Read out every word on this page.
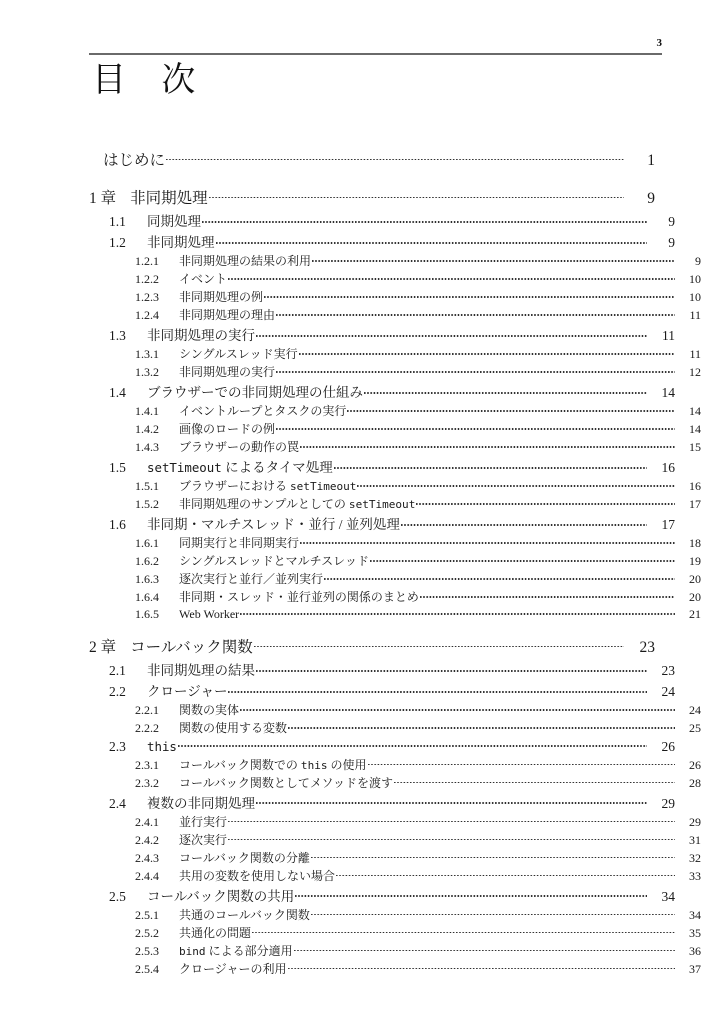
3
目　次
はじめに	1
1 章 非同期処理	9
1.1	同期処理	9
1.2	非同期処理	9
1.2.1	非同期処理の結果の利用	9
1.2.2	イベント	10
1.2.3	非同期処理の例	10
1.2.4	非同期処理の理由	11
1.3	非同期処理の実行	11
1.3.1	シングルスレッド実行	11
1.3.2	非同期処理の実行	12
1.4	ブラウザーでの非同期処理の仕組み	14
1.4.1	イベントループとタスクの実行	14
1.4.2	画像のロードの例	14
1.4.3	ブラウザーの動作の罠	15
1.5	setTimeout によるタイマ処理	16
1.5.1	ブラウザーにおける setTimeout	16
1.5.2	非同期処理のサンプルとしての setTimeout	17
1.6	非同期・マルチスレッド・並行 / 並列処理	17
1.6.1	同期実行と非同期実行	18
1.6.2	シングルスレッドとマルチスレッド	19
1.6.3	逐次実行と並行／並列実行	20
1.6.4	非同期・スレッド・並行並列の関係のまとめ	20
1.6.5	Web Worker	21
2 章 コールバック関数	23
2.1	非同期処理の結果	23
2.2	クロージャー	24
2.2.1	関数の実体	24
2.2.2	関数の使用する変数	25
2.3	this	26
2.3.1	コールバック関数での this の使用	26
2.3.2	コールバック関数としてメソッドを渡す	28
2.4	複数の非同期処理	29
2.4.1	並行実行	29
2.4.2	逐次実行	31
2.4.3	コールバック関数の分離	32
2.4.4	共用の変数を使用しない場合	33
2.5	コールバック関数の共用	34
2.5.1	共通のコールバック関数	34
2.5.2	共通化の問題	35
2.5.3	bind による部分適用	36
2.5.4	クロージャーの利用	37
